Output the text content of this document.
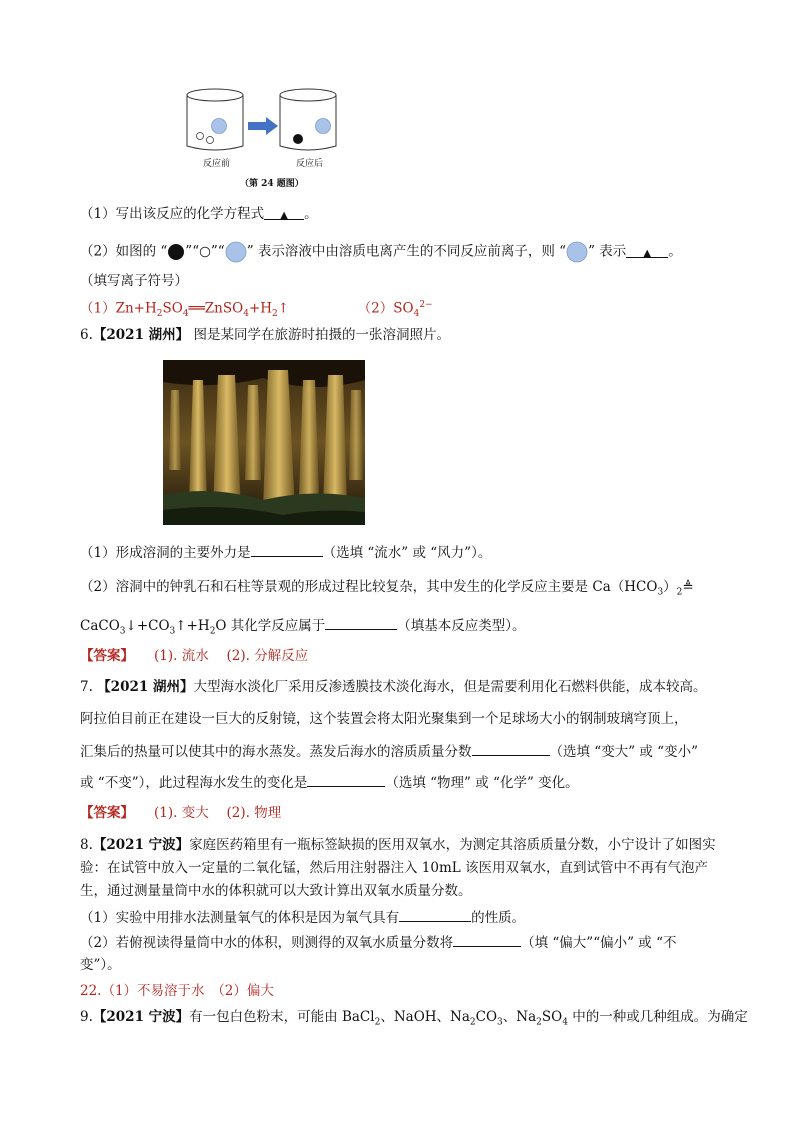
反应前	反应后
（第 24 题图）
（1）写出该反应的化学方程式 ▲ 。
（2）如图的 “ ”“○”“ ” 表示溶液中由溶质电离产生的不同反应前离子，则 “ ” 表示 ▲ 。
（填写离子符号）
$(1)Zn+H_2SO_4══ZnSO_4+H_2↑$	$(2)SO_4^{2-}$
6.【2021 湖州】 图是某同学在旅游时拍摄的一张溶洞照片。
（1）形成溶洞的主要外力是	（选填 “流水” 或 “风力”）。
（2）溶洞中的钟乳石和石柱等景观的形成过程比较复杂，其中发生的化学反应主要是 $Ca(HCO_3)_2≜$
$CaCO_3↓+CO_3↑+H_2O$ 其化学反应属于	（填基本反应类型）。
【答案】 (1). 流水　 (2). 分解反应
7. 【2021 湖州】大型海水淡化厂采用反渗透膜技术淡化海水，但是需要利用化石燃料供能，成本较高。
阿拉伯目前正在建设一巨大的反射镜，这个装置会将太阳光聚集到一个足球场大小的钢制玻璃穹顶上，
汇集后的热量可以使其中的海水蒸发。蒸发后海水的溶质质量分数	（选填 “变大” 或 “变小”
或 “不变”），此过程海水发生的变化是	（选填 “物理” 或 “化学” 变化。
【答案】 (1). 变大　 (2). 物理
8.【2021 宁波】家庭医药箱里有一瓶标签缺损的医用双氧水，为测定其溶质质量分数，小宁设计了如图实
验：在试管中放入一定量的二氧化锰，然后用注射器注入 10mL 该医用双氧水，直到试管中不再有气泡产
生，通过测量量筒中水的体积就可以大致计算出双氧水质量分数。
（1）实验中用排水法测量氧气的体积是因为氧气具有	的性质。
（2）若俯视读得量筒中水的体积，则测得的双氧水质量分数将	（填 “偏大”“偏小” 或 “不
变”）。
22.（1）不易溶于水　（2）偏大
9.【2021 宁波】有一包白色粉末，可能由 BaCl$_2$、NaOH、$Na_2CO_3$、$Na_2SO_4$ 中的一种或几种组成。为确定
